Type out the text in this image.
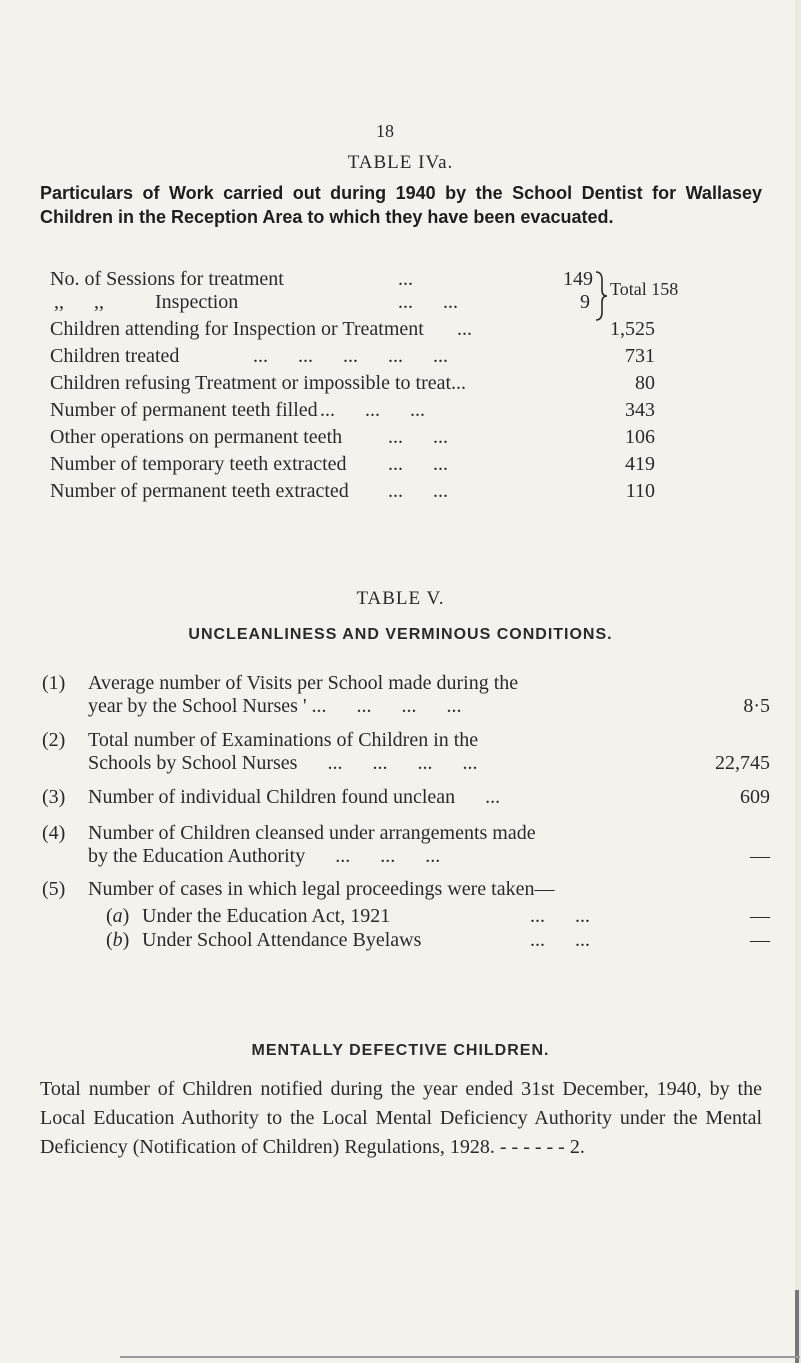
18
TABLE IVa.
Particulars of Work carried out during 1940 by the School Dentist for Wallasey Children in the Reception Area to which they have been evacuated.
No. of Sessions for treatment	...	149
,,      ,,	Inspection	...      ...	9
Total 158
Children attending for Inspection or Treatment ...	1,525
Children treated	...      ...      ...      ...      ...	731
Children refusing Treatment or impossible to treat...	80
Number of permanent teeth filled ...      ...      ...	343
Other operations on permanent teeth ...      ...	106
Number of temporary teeth extracted ...      ...	419
Number of permanent teeth extracted ...      ...	110
TABLE V.
UNCLEANLINESS AND VERMINOUS CONDITIONS.
(1) Average number of Visits per School made during the
year by the School Nurses ' ...      ...      ...      ...	8·5
(2) Total number of Examinations of Children in the
Schools by School Nurses      ...      ...      ...      ...	22,745
(3) Number of individual Children found unclean      ...	609
(4) Number of Children cleansed under arrangements made
by the Education Authority      ...      ...      ...	—
(5) Number of cases in which legal proceedings were taken—
(a) Under the Education Act, 1921	...      ...	—
(b) Under School Attendance Byelaws	...      ...	—
MENTALLY DEFECTIVE CHILDREN.
Total number of Children notified during the year ended 31st December, 1940, by the Local Education Authority to the Local Mental Deficiency Authority under the Mental Deficiency (Notification of Children) Regulations, 1928. - - - - - - 2.
